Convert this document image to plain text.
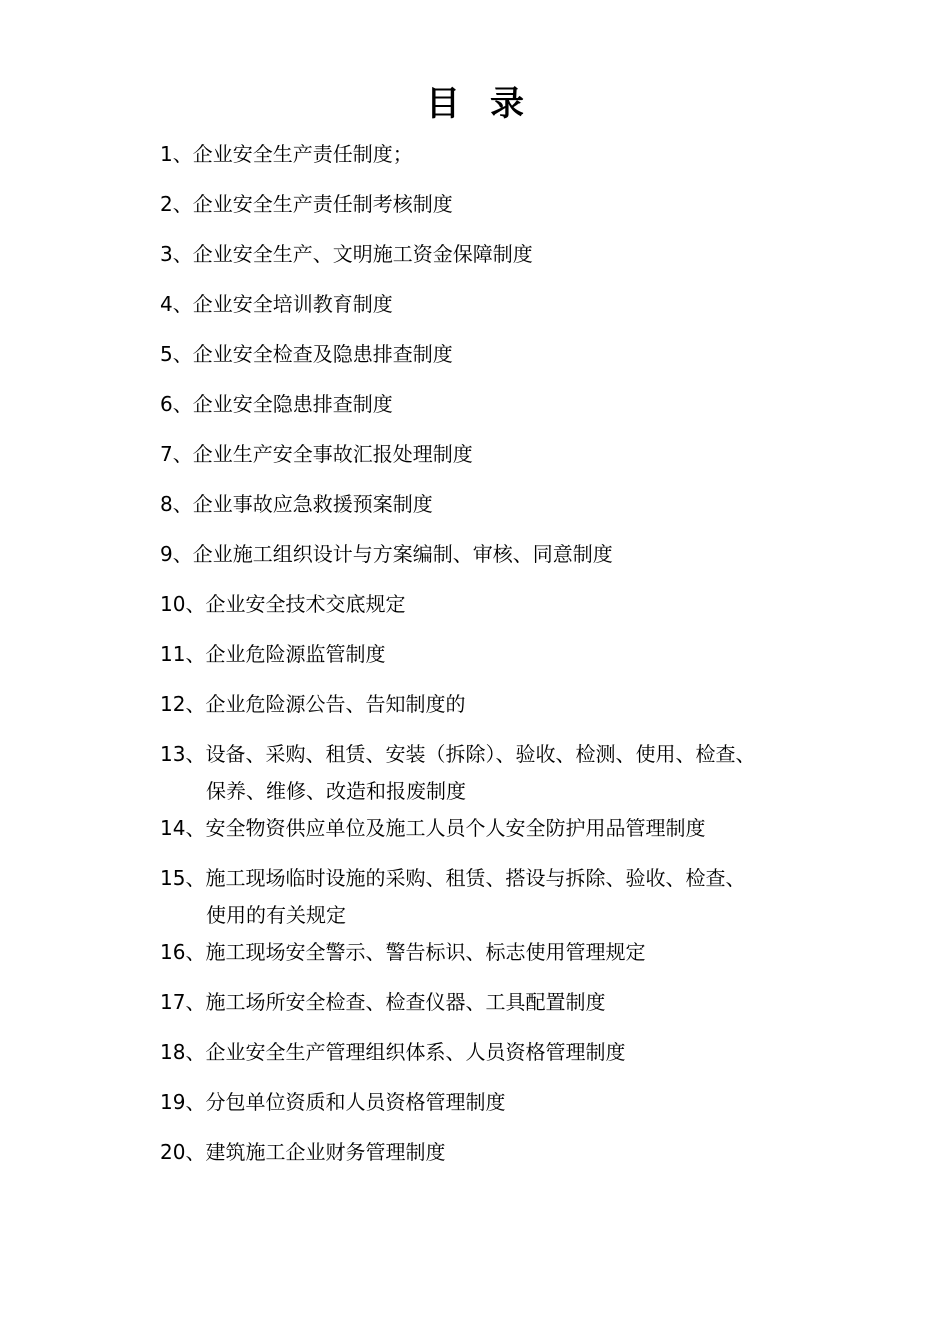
目 录
1、企业安全生产责任制度；
2、企业安全生产责任制考核制度
3、企业安全生产、文明施工资金保障制度
4、企业安全培训教育制度
5、企业安全检查及隐患排查制度
6、企业安全隐患排查制度
7、企业生产安全事故汇报处理制度
8、企业事故应急救援预案制度
9、企业施工组织设计与方案编制、审核、同意制度
10、企业安全技术交底规定
11、企业危险源监管制度
12、企业危险源公告、告知制度的
13、设备、采购、租赁、安装（拆除）、验收、检测、使用、检查、
保养、维修、改造和报废制度
14、安全物资供应单位及施工人员个人安全防护用品管理制度
15、施工现场临时设施的采购、租赁、搭设与拆除、验收、检查、
使用的有关规定
16、施工现场安全警示、警告标识、标志使用管理规定
17、施工场所安全检查、检查仪器、工具配置制度
18、企业安全生产管理组织体系、人员资格管理制度
19、分包单位资质和人员资格管理制度
20、建筑施工企业财务管理制度
